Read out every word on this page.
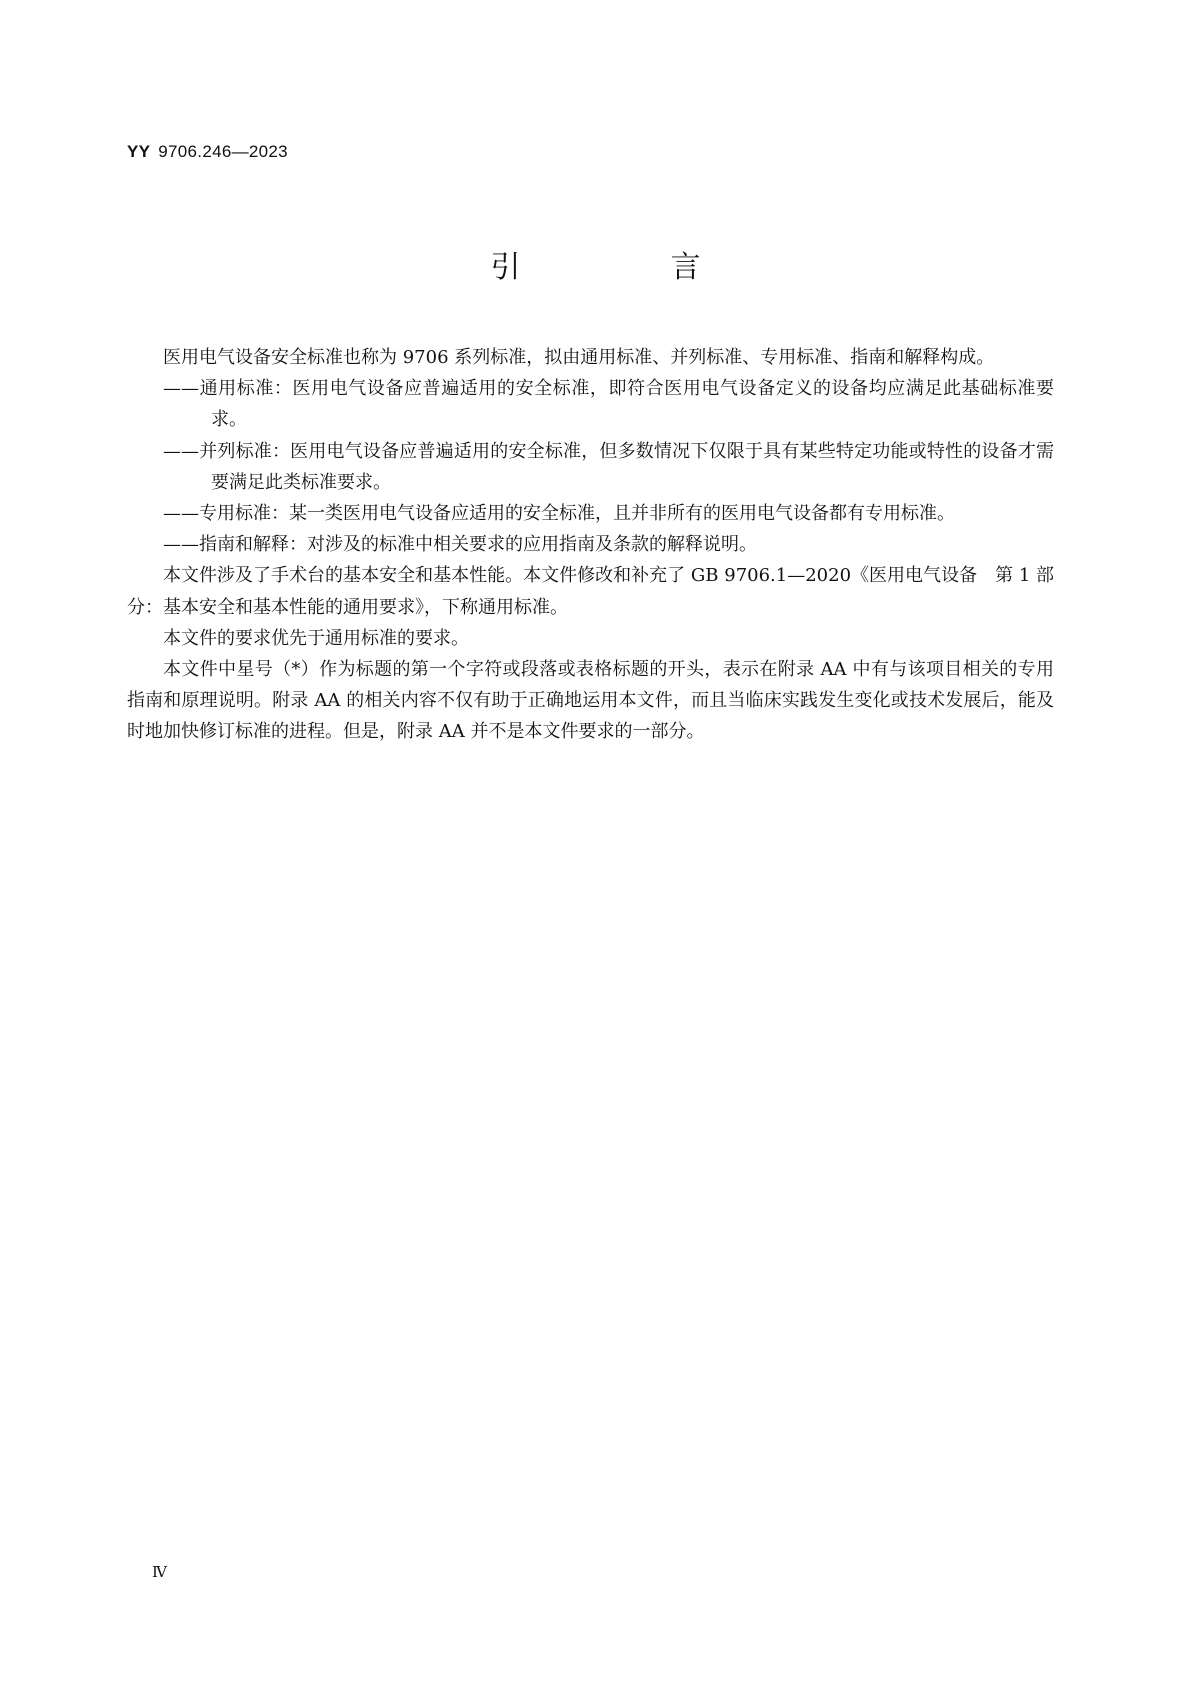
YY 9706.246—2023
引　言

医用电气设备安全标准也称为 9706 系列标准，拟由通用标准、并列标准、专用标准、指南和解释构成。

——通用标准：医用电气设备应普遍适用的安全标准，即符合医用电气设备定义的设备均应满足此基础标准要求。

——并列标准：医用电气设备应普遍适用的安全标准，但多数情况下仅限于具有某些特定功能或特性的设备才需要满足此类标准要求。

——专用标准：某一类医用电气设备应适用的安全标准，且并非所有的医用电气设备都有专用标准。

——指南和解释：对涉及的标准中相关要求的应用指南及条款的解释说明。

本文件涉及了手术台的基本安全和基本性能。本文件修改和补充了 GB 9706.1—2020《医用电气设备　第 1 部分：基本安全和基本性能的通用要求》，下称通用标准。

本文件的要求优先于通用标准的要求。

本文件中星号（*）作为标题的第一个字符或段落或表格标题的开头，表示在附录 AA 中有与该项目相关的专用指南和原理说明。附录 AA 的相关内容不仅有助于正确地运用本文件，而且当临床实践发生变化或技术发展后，能及时地加快修订标准的进程。但是，附录 AA 并不是本文件要求的一部分。

Ⅳ
